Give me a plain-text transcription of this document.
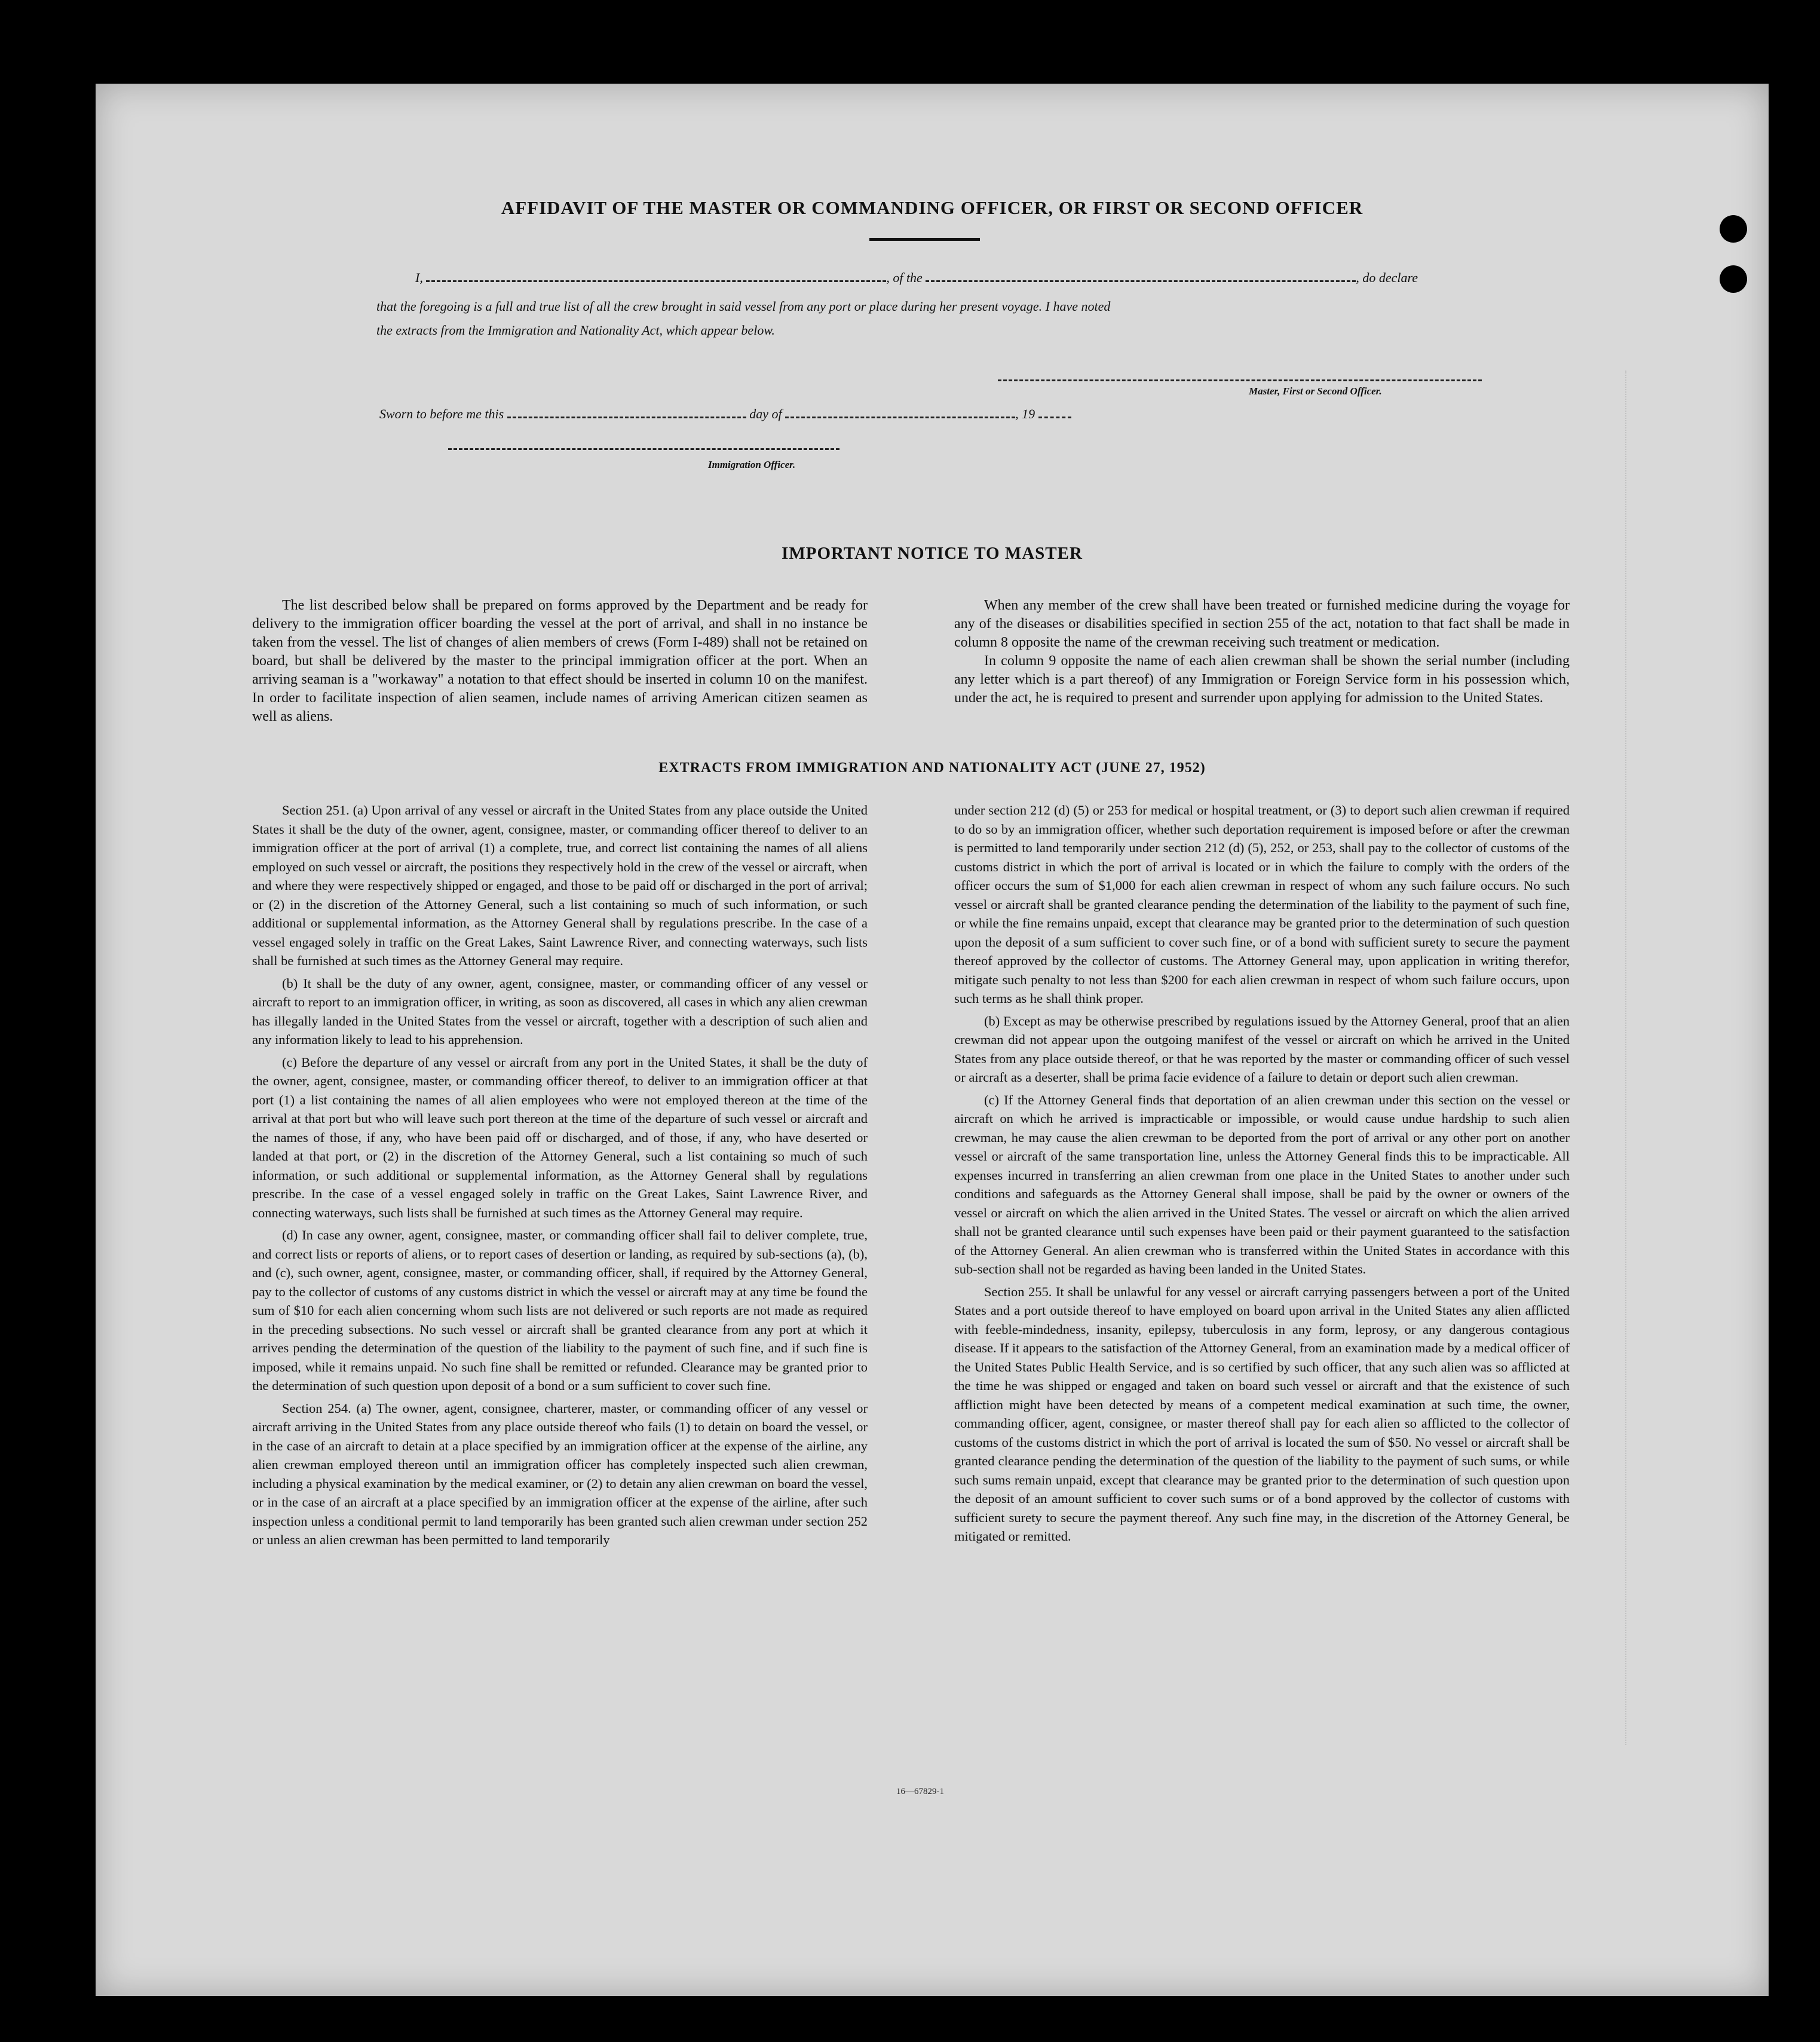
AFFIDAVIT OF THE MASTER OR COMMANDING OFFICER, OR FIRST OR SECOND OFFICER
I,	, of the	, do declare
that the foregoing is a full and true list of all the crew brought in said vessel from any port or place during her present voyage. I have noted
the extracts from the Immigration and Nationality Act, which appear below.
Master, First or Second Officer.
Sworn to before me this	day of	, 19
Immigration Officer.
IMPORTANT NOTICE TO MASTER

The list described below shall be prepared on forms approved by the Department and be ready for delivery to the immigration officer boarding the vessel at the port of arrival, and shall in no instance be taken from the vessel. The list of changes of alien members of crews (Form I-489) shall not be retained on board, but shall be delivered by the master to the principal immigration officer at the port. When an arriving seaman is a "workaway" a notation to that effect should be inserted in column 10 on the manifest. In order to facilitate inspection of alien seamen, include names of arriving American citizen seamen as well as aliens.

When any member of the crew shall have been treated or furnished medicine during the voyage for any of the diseases or disabilities specified in section 255 of the act, notation to that fact shall be made in column 8 opposite the name of the crewman receiving such treatment or medication.

In column 9 opposite the name of each alien crewman shall be shown the serial number (including any letter which is a part thereof) of any Immigration or Foreign Service form in his possession which, under the act, he is required to present and surrender upon applying for admission to the United States.

EXTRACTS FROM IMMIGRATION AND NATIONALITY ACT (JUNE 27, 1952)

Section 251. (a) Upon arrival of any vessel or aircraft in the United States from any place outside the United States it shall be the duty of the owner, agent, consignee, master, or commanding officer thereof to deliver to an immigration officer at the port of arrival (1) a complete, true, and correct list containing the names of all aliens employed on such vessel or aircraft, the positions they respectively hold in the crew of the vessel or aircraft, when and where they were respectively shipped or engaged, and those to be paid off or discharged in the port of arrival; or (2) in the discretion of the Attorney General, such a list containing so much of such information, or such additional or supplemental information, as the Attorney General shall by regulations prescribe. In the case of a vessel engaged solely in traffic on the Great Lakes, Saint Lawrence River, and connecting waterways, such lists shall be furnished at such times as the Attorney General may require.

(b) It shall be the duty of any owner, agent, consignee, master, or commanding officer of any vessel or aircraft to report to an immigration officer, in writing, as soon as discovered, all cases in which any alien crewman has illegally landed in the United States from the vessel or aircraft, together with a description of such alien and any information likely to lead to his apprehension.

(c) Before the departure of any vessel or aircraft from any port in the United States, it shall be the duty of the owner, agent, consignee, master, or commanding officer thereof, to deliver to an immigration officer at that port (1) a list containing the names of all alien employees who were not employed thereon at the time of the arrival at that port but who will leave such port thereon at the time of the departure of such vessel or aircraft and the names of those, if any, who have been paid off or discharged, and of those, if any, who have deserted or landed at that port, or (2) in the discretion of the Attorney General, such a list containing so much of such information, or such additional or supplemental information, as the Attorney General shall by regulations prescribe. In the case of a vessel engaged solely in traffic on the Great Lakes, Saint Lawrence River, and connecting waterways, such lists shall be furnished at such times as the Attorney General may require.

(d) In case any owner, agent, consignee, master, or commanding officer shall fail to deliver complete, true, and correct lists or reports of aliens, or to report cases of desertion or landing, as required by sub-sections (a), (b), and (c), such owner, agent, consignee, master, or commanding officer, shall, if required by the Attorney General, pay to the collector of customs of any customs district in which the vessel or aircraft may at any time be found the sum of $10 for each alien concerning whom such lists are not delivered or such reports are not made as required in the preceding subsections. No such vessel or aircraft shall be granted clearance from any port at which it arrives pending the determination of the question of the liability to the payment of such fine, and if such fine is imposed, while it remains unpaid. No such fine shall be remitted or refunded. Clearance may be granted prior to the determination of such question upon deposit of a bond or a sum sufficient to cover such fine.

Section 254. (a) The owner, agent, consignee, charterer, master, or commanding officer of any vessel or aircraft arriving in the United States from any place outside thereof who fails (1) to detain on board the vessel, or in the case of an aircraft to detain at a place specified by an immigration officer at the expense of the airline, any alien crewman employed thereon until an immigration officer has completely inspected such alien crewman, including a physical examination by the medical examiner, or (2) to detain any alien crewman on board the vessel, or in the case of an aircraft at a place specified by an immigration officer at the expense of the airline, after such inspection unless a conditional permit to land temporarily has been granted such alien crewman under section 252 or unless an alien crewman has been permitted to land temporarily

under section 212 (d) (5) or 253 for medical or hospital treatment, or (3) to deport such alien crewman if required to do so by an immigration officer, whether such deportation requirement is imposed before or after the crewman is permitted to land temporarily under section 212 (d) (5), 252, or 253, shall pay to the collector of customs of the customs district in which the port of arrival is located or in which the failure to comply with the orders of the officer occurs the sum of $1,000 for each alien crewman in respect of whom any such failure occurs. No such vessel or aircraft shall be granted clearance pending the determination of the liability to the payment of such fine, or while the fine remains unpaid, except that clearance may be granted prior to the determination of such question upon the deposit of a sum sufficient to cover such fine, or of a bond with sufficient surety to secure the payment thereof approved by the collector of customs. The Attorney General may, upon application in writing therefor, mitigate such penalty to not less than $200 for each alien crewman in respect of whom such failure occurs, upon such terms as he shall think proper.

(b) Except as may be otherwise prescribed by regulations issued by the Attorney General, proof that an alien crewman did not appear upon the outgoing manifest of the vessel or aircraft on which he arrived in the United States from any place outside thereof, or that he was reported by the master or commanding officer of such vessel or aircraft as a deserter, shall be prima facie evidence of a failure to detain or deport such alien crewman.

(c) If the Attorney General finds that deportation of an alien crewman under this section on the vessel or aircraft on which he arrived is impracticable or impossible, or would cause undue hardship to such alien crewman, he may cause the alien crewman to be deported from the port of arrival or any other port on another vessel or aircraft of the same transportation line, unless the Attorney General finds this to be impracticable. All expenses incurred in transferring an alien crewman from one place in the United States to another under such conditions and safeguards as the Attorney General shall impose, shall be paid by the owner or owners of the vessel or aircraft on which the alien arrived in the United States. The vessel or aircraft on which the alien arrived shall not be granted clearance until such expenses have been paid or their payment guaranteed to the satisfaction of the Attorney General. An alien crewman who is transferred within the United States in accordance with this sub-section shall not be regarded as having been landed in the United States.

Section 255. It shall be unlawful for any vessel or aircraft carrying passengers between a port of the United States and a port outside thereof to have employed on board upon arrival in the United States any alien afflicted with feeble-mindedness, insanity, epilepsy, tuberculosis in any form, leprosy, or any dangerous contagious disease. If it appears to the satisfaction of the Attorney General, from an examination made by a medical officer of the United States Public Health Service, and is so certified by such officer, that any such alien was so afflicted at the time he was shipped or engaged and taken on board such vessel or aircraft and that the existence of such affliction might have been detected by means of a competent medical examination at such time, the owner, commanding officer, agent, consignee, or master thereof shall pay for each alien so afflicted to the collector of customs of the customs district in which the port of arrival is located the sum of $50. No vessel or aircraft shall be granted clearance pending the determination of the question of the liability to the payment of such sums, or while such sums remain unpaid, except that clearance may be granted prior to the determination of such question upon the deposit of an amount sufficient to cover such sums or of a bond approved by the collector of customs with sufficient surety to secure the payment thereof. Any such fine may, in the discretion of the Attorney General, be mitigated or remitted.

16—67829-1
